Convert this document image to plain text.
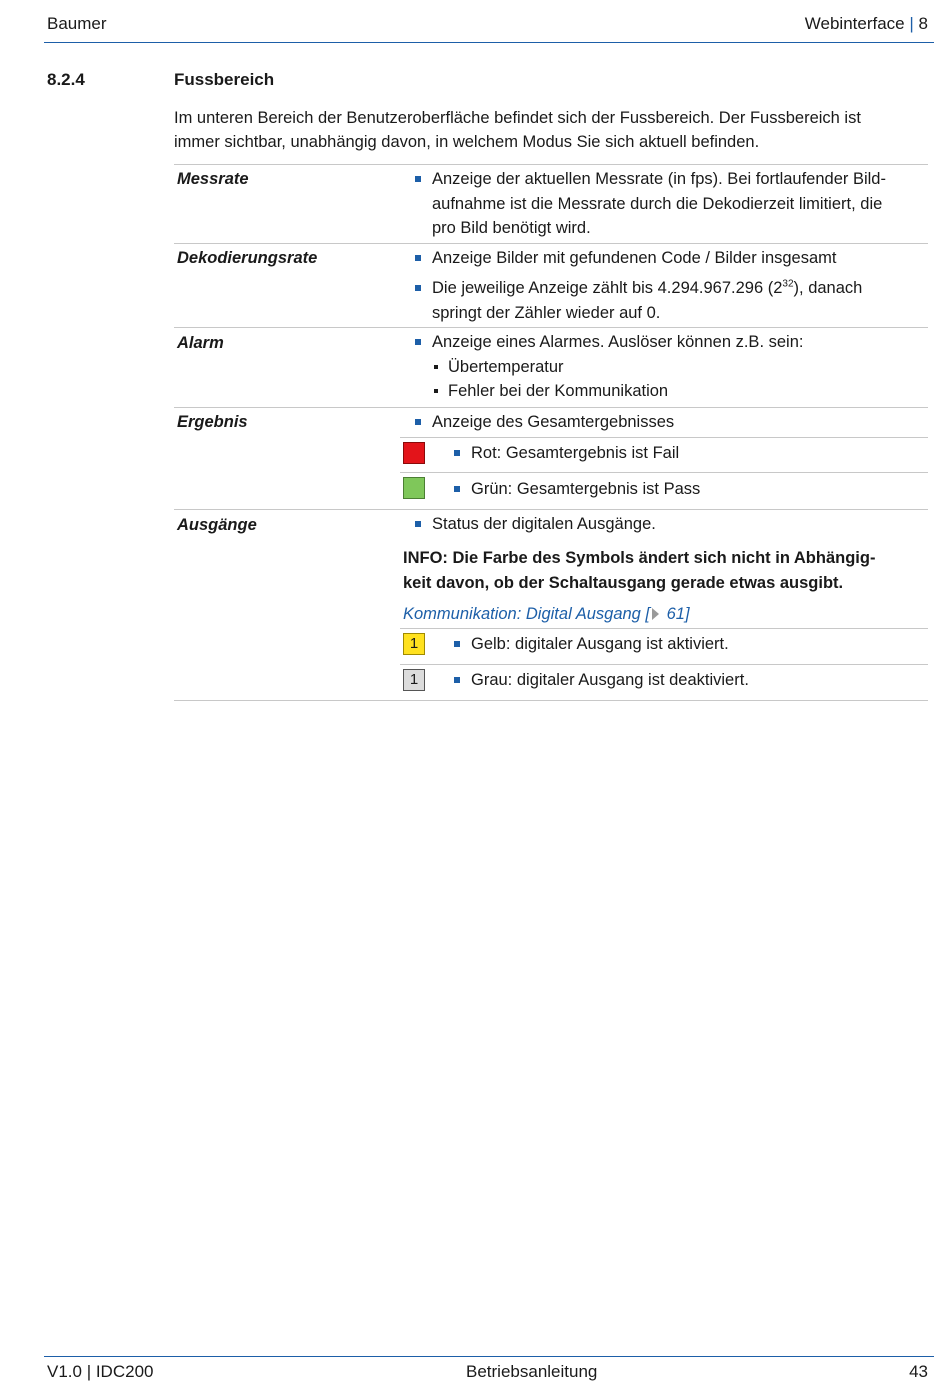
Baumer	Webinterface | 8
8.2.4	Fussbereich
Im unteren Bereich der Benutzeroberfläche befindet sich der Fussbereich. Der Fussbereich ist
immer sichtbar, unabhängig davon, in welchem Modus Sie sich aktuell befinden.
Messrate	Anzeige der aktuellen Messrate (in fps). Bei fortlaufender Bild-
aufnahme ist die Messrate durch die Dekodierzeit limitiert, die
pro Bild benötigt wird.
Dekodierungsrate	Anzeige Bilder mit gefundenen Code / Bilder insgesamt
Die jeweilige Anzeige zählt bis 4.294.967.296 $(2^{32})$, danach
springt der Zähler wieder auf 0.
Alarm	Anzeige eines Alarmes. Auslöser können z.B. sein:
Übertemperatur
Fehler bei der Kommunikation
Ergebnis	Anzeige des Gesamtergebnisses
Rot: Gesamtergebnis ist Fail
Grün: Gesamtergebnis ist Pass
Ausgänge	Status der digitalen Ausgänge.
INFO: Die Farbe des Symbols ändert sich nicht in Abhängig-
keit davon, ob der Schaltausgang gerade etwas ausgibt.
Kommunikation: Digital Ausgang [ 61]
1	Gelb: digitaler Ausgang ist aktiviert.
1	Grau: digitaler Ausgang ist deaktiviert.
V1.0 | IDC200	Betriebsanleitung	43
